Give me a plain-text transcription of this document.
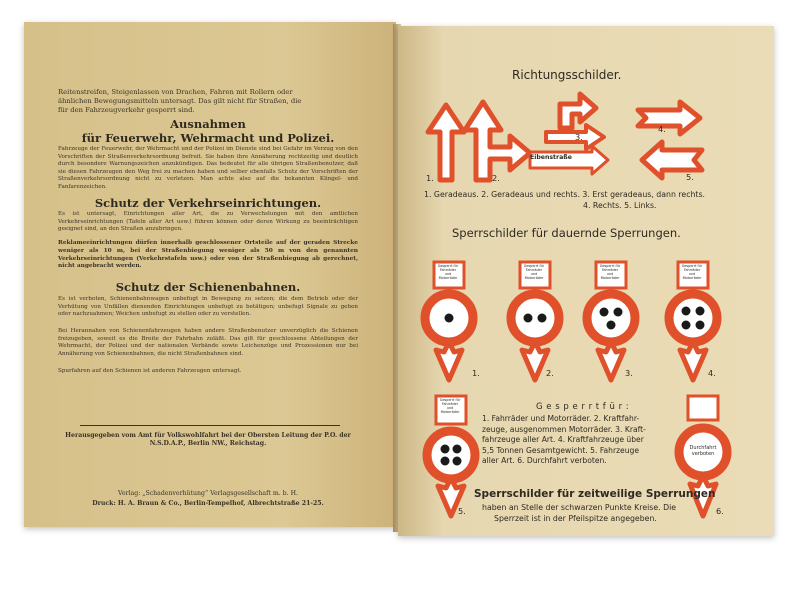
Reitenstreifen, Steigenlassen von Drachen, Fahren mit Rollern oder
ähnlichen Bewegungsmitteln untersagt. Das gilt nicht für Straßen, die
für den Fahrzeugverkehr gesperrt sind.
Ausnahmen
für Feuerwehr, Wehrmacht und Polizei.
Fahrzeuge der Feuerwehr, der Wehrmacht und der Polizei im Dienste sind bei Gefahr im Verzug von den Vorschriften der Straßenverkehrsordnung befreit. Sie haben ihre Annäherung rechtzeitig und deutlich durch besondere Warnungszeichen anzukündigen. Das bedeutet für alle übrigen Straßenbenutzer, daß sie diesen Fahrzeugen den Weg frei zu machen haben und selber ebenfalls Schutz der Vorschriften der Straßenverkehrsordnung nicht zu verletzen. Man achte also auf die bekannten Klingel- und Fanfarenzeichen.
Schutz der Verkehrseinrichtungen.
Es ist untersagt, Einrichtungen aller Art, die zu Verwechslungen mit den amtlichen Verkehrseinrichtungen (Tafeln aller Art usw.) führen können oder deren Wirkung zu beeinträchtigen geeignet sind, an den Straßen anzubringen.
Reklameeinrichtungen dürfen innerhalb geschlossener Ortsteile auf der geraden Strecke weniger als 10 m, bei der Straßenbiegung weniger als 50 m von den genannten Verkehrseinrichtungen (Verkehrstafeln usw.) oder von der Straßenbiegung ab gerechnet, nicht angebracht werden.
Schutz der Schienenbahnen.
Es ist verboten, Schienenbahnwagen unbefugt in Bewegung zu setzen; die dem Betrieb oder der Verhütung von Unfällen dienenden Einrichtungen unbefugt zu betätigen; unbefugt Signale zu geben oder nachzuahmen; Weichen unbefugt zu stellen oder zu verstellen.
Bei Herannahen von Schienenfahrzeugen haben andere Straßenbenutzer unverzüglich die Schienen freizugeben, soweit es die Breite der Fahrbahn zuläßt. Das gilt für geschlossene Abteilungen der Wehrmacht, der Polizei und der nationalen Verbände sowie Leichenzüge und Prozessionen nur bei Annäherung von Schienenbahnen, die nicht Straßenbahnen sind.
Spurfahren auf den Schienen ist anderen Fahrzeugen untersagt.
Herausgegeben vom Amt für Volkswohlfahrt bei der Obersten Leitung der P.O. der N.S.D.A.P., Berlin NW., Reichstag.
Verlag: „Schadenverhütung“ Verlagsgesellschaft m. b. H.
Druck: H. A. Braun & Co., Berlin-Tempelhof, Albrechtstraße 21-25.
Richtungsschilder.
Eibenstraße
1.	2.
3.
4.
5.
1. Geradeaus. 2. Geradeaus und rechts. 3. Erst geradeaus, dann rechts.
4. Rechts. 5. Links.
Sperrschilder für dauernde Sperrungen.
Gesperrt für Fahrräder und Motorräder
Gesperrt für Fahrräder und Motorräder
Gesperrt für Fahrräder und Motorräder
Gesperrt für Fahrräder und Motorräder
Gesperrt für Fahrräder und Motorräder
1.	2.	3.	4.
5.	6.
G e s p e r r t f ü r :
1. Fahrräder und Motorräder. 2. Kraftfahr-
zeuge, ausgenommen Motorräder. 3. Kraft-
fahrzeuge aller Art. 4. Kraftfahrzeuge über
5,5 Tonnen Gesamtgewicht. 5. Fahrzeuge
aller Art. 6. Durchfahrt verboten.
Durchfahrt verboten
Sperrschilder für zeitweilige Sperrungen
haben an Stelle der schwarzen Punkte Kreise. Die
Sperrzeit ist in der Pfeilspitze angegeben.
